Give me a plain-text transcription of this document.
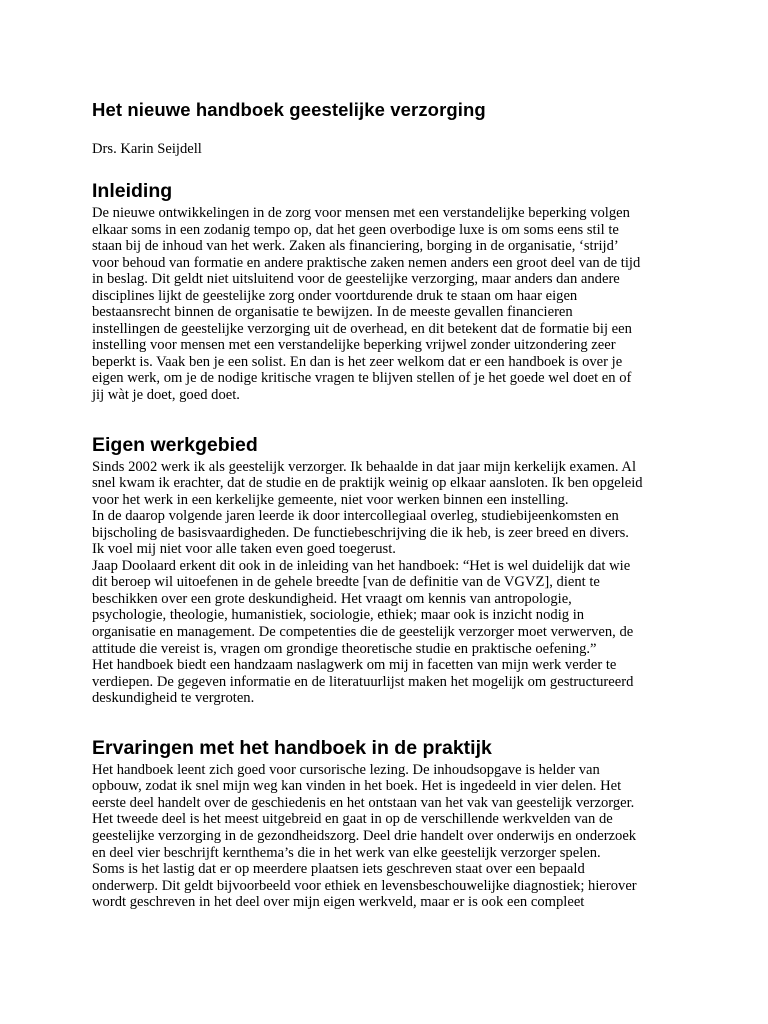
Het nieuwe handboek geestelijke verzorging

Drs. Karin Seijdell

Inleiding

De nieuwe ontwikkelingen in de zorg voor mensen met een verstandelijke beperking volgen
elkaar soms in een zodanig tempo op, dat het geen overbodige luxe is om soms eens stil te
staan bij de inhoud van het werk. Zaken als financiering, borging in de organisatie, ‘strijd’
voor behoud van formatie en andere praktische zaken nemen anders een groot deel van de tijd
in beslag. Dit geldt niet uitsluitend voor de geestelijke verzorging, maar anders dan andere
disciplines lijkt de geestelijke zorg onder voortdurende druk te staan om haar eigen
bestaansrecht binnen de organisatie te bewijzen. In de meeste gevallen financieren
instellingen de geestelijke verzorging uit de overhead, en dit betekent dat de formatie bij een
instelling voor mensen met een verstandelijke beperking vrijwel zonder uitzondering zeer
beperkt is. Vaak ben je een solist. En dan is het zeer welkom dat er een handboek is over je
eigen werk, om je de nodige kritische vragen te blijven stellen of je het goede wel doet en of
jij wàt je doet, goed doet.

Eigen werkgebied

Sinds 2002 werk ik als geestelijk verzorger. Ik behaalde in dat jaar mijn kerkelijk examen. Al
snel kwam ik erachter, dat de studie en de praktijk weinig op elkaar aansloten. Ik ben opgeleid
voor het werk in een kerkelijke gemeente, niet voor werken binnen een instelling.
In de daarop volgende jaren leerde ik door intercollegiaal overleg, studiebijeenkomsten en
bijscholing de basisvaardigheden. De functiebeschrijving die ik heb, is zeer breed en divers.
Ik voel mij niet voor alle taken even goed toegerust.
Jaap Doolaard erkent dit ook in de inleiding van het handboek: “Het is wel duidelijk dat wie
dit beroep wil uitoefenen in de gehele breedte [van de definitie van de VGVZ], dient te
beschikken over een grote deskundigheid. Het vraagt om kennis van antropologie,
psychologie, theologie, humanistiek, sociologie, ethiek; maar ook is inzicht nodig in
organisatie en management. De competenties die de geestelijk verzorger moet verwerven, de
attitude die vereist is, vragen om grondige theoretische studie en praktische oefening.”
Het handboek biedt een handzaam naslagwerk om mij in facetten van mijn werk verder te
verdiepen. De gegeven informatie en de literatuurlijst maken het mogelijk om gestructureerd
deskundigheid te vergroten.

Ervaringen met het handboek in de praktijk

Het handboek leent zich goed voor cursorische lezing. De inhoudsopgave is helder van
opbouw, zodat ik snel mijn weg kan vinden in het boek. Het is ingedeeld in vier delen. Het
eerste deel handelt over de geschiedenis en het ontstaan van het vak van geestelijk verzorger.
Het tweede deel is het meest uitgebreid en gaat in op de verschillende werkvelden van de
geestelijke verzorging in de gezondheidszorg. Deel drie handelt over onderwijs en onderzoek
en deel vier beschrijft kernthema’s die in het werk van elke geestelijk verzorger spelen.
Soms is het lastig dat er op meerdere plaatsen iets geschreven staat over een bepaald
onderwerp. Dit geldt bijvoorbeeld voor ethiek en levensbeschouwelijke diagnostiek; hierover
wordt geschreven in het deel over mijn eigen werkveld, maar er is ook een compleet
